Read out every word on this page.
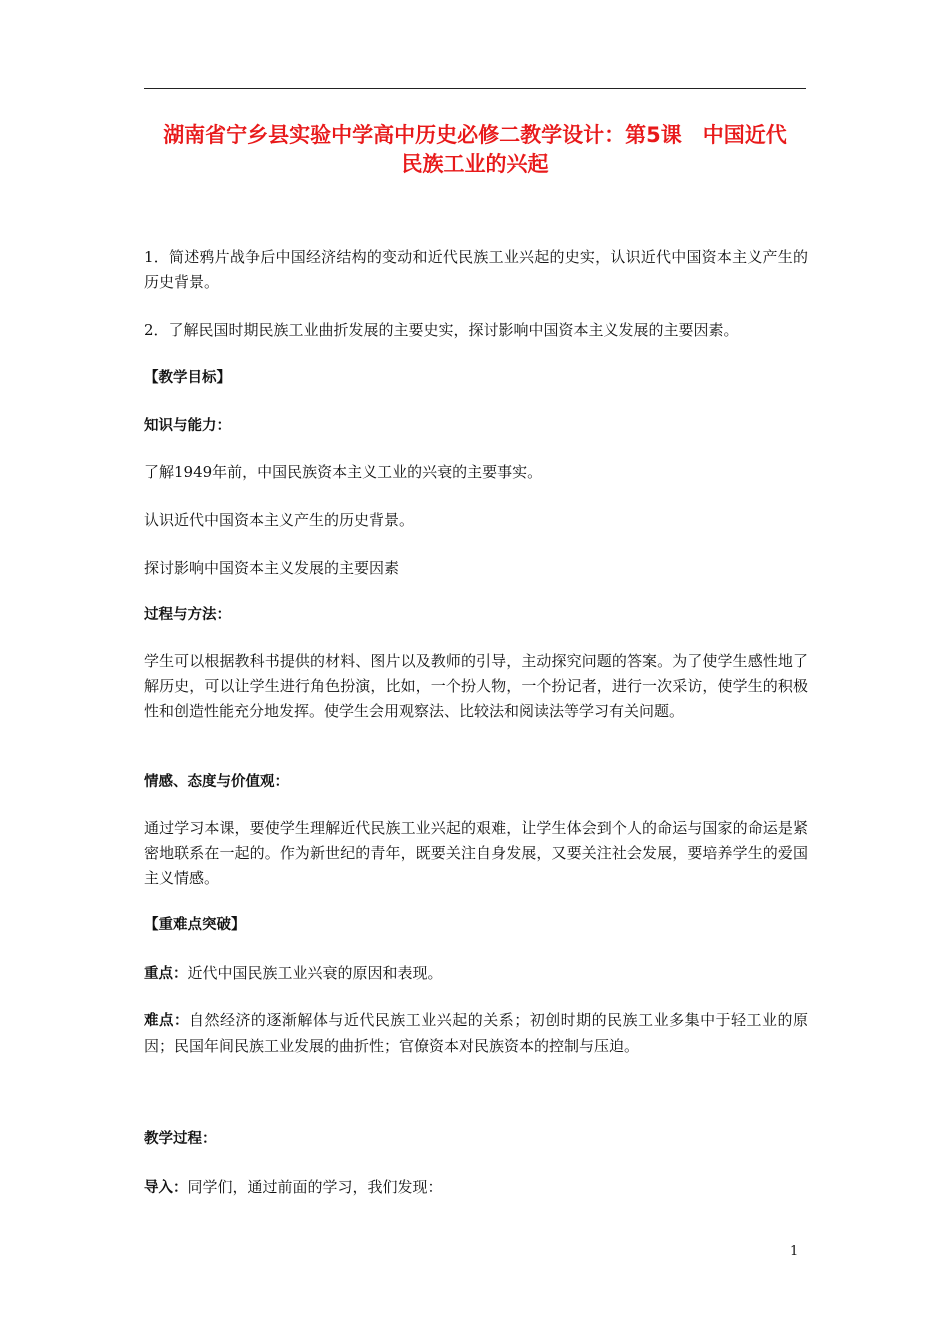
湖南省宁乡县实验中学高中历史必修二教学设计：第5课　中国近代
民族工业的兴起

1．简述鸦片战争后中国经济结构的变动和近代民族工业兴起的史实，认识近代中国资本主义产生的历史背景。

2．了解民国时期民族工业曲折发展的主要史实，探讨影响中国资本主义发展的主要因素。

【教学目标】

知识与能力：

了解1949年前，中国民族资本主义工业的兴衰的主要事实。

认识近代中国资本主义产生的历史背景。

探讨影响中国资本主义发展的主要因素

过程与方法：

学生可以根据教科书提供的材料、图片以及教师的引导，主动探究问题的答案。为了使学生感性地了解历史，可以让学生进行角色扮演，比如，一个扮人物，一个扮记者，进行一次采访，使学生的积极性和创造性能充分地发挥。使学生会用观察法、比较法和阅读法等学习有关问题。

情感、态度与价值观：

通过学习本课，要使学生理解近代民族工业兴起的艰难，让学生体会到个人的命运与国家的命运是紧密地联系在一起的。作为新世纪的青年，既要关注自身发展，又要关注社会发展，要培养学生的爱国主义情感。

【重难点突破】

重点：近代中国民族工业兴衰的原因和表现。

难点：自然经济的逐渐解体与近代民族工业兴起的关系；初创时期的民族工业多集中于轻工业的原因；民国年间民族工业发展的曲折性；官僚资本对民族资本的控制与压迫。

教学过程：

导入：同学们，通过前面的学习，我们发现：

1
